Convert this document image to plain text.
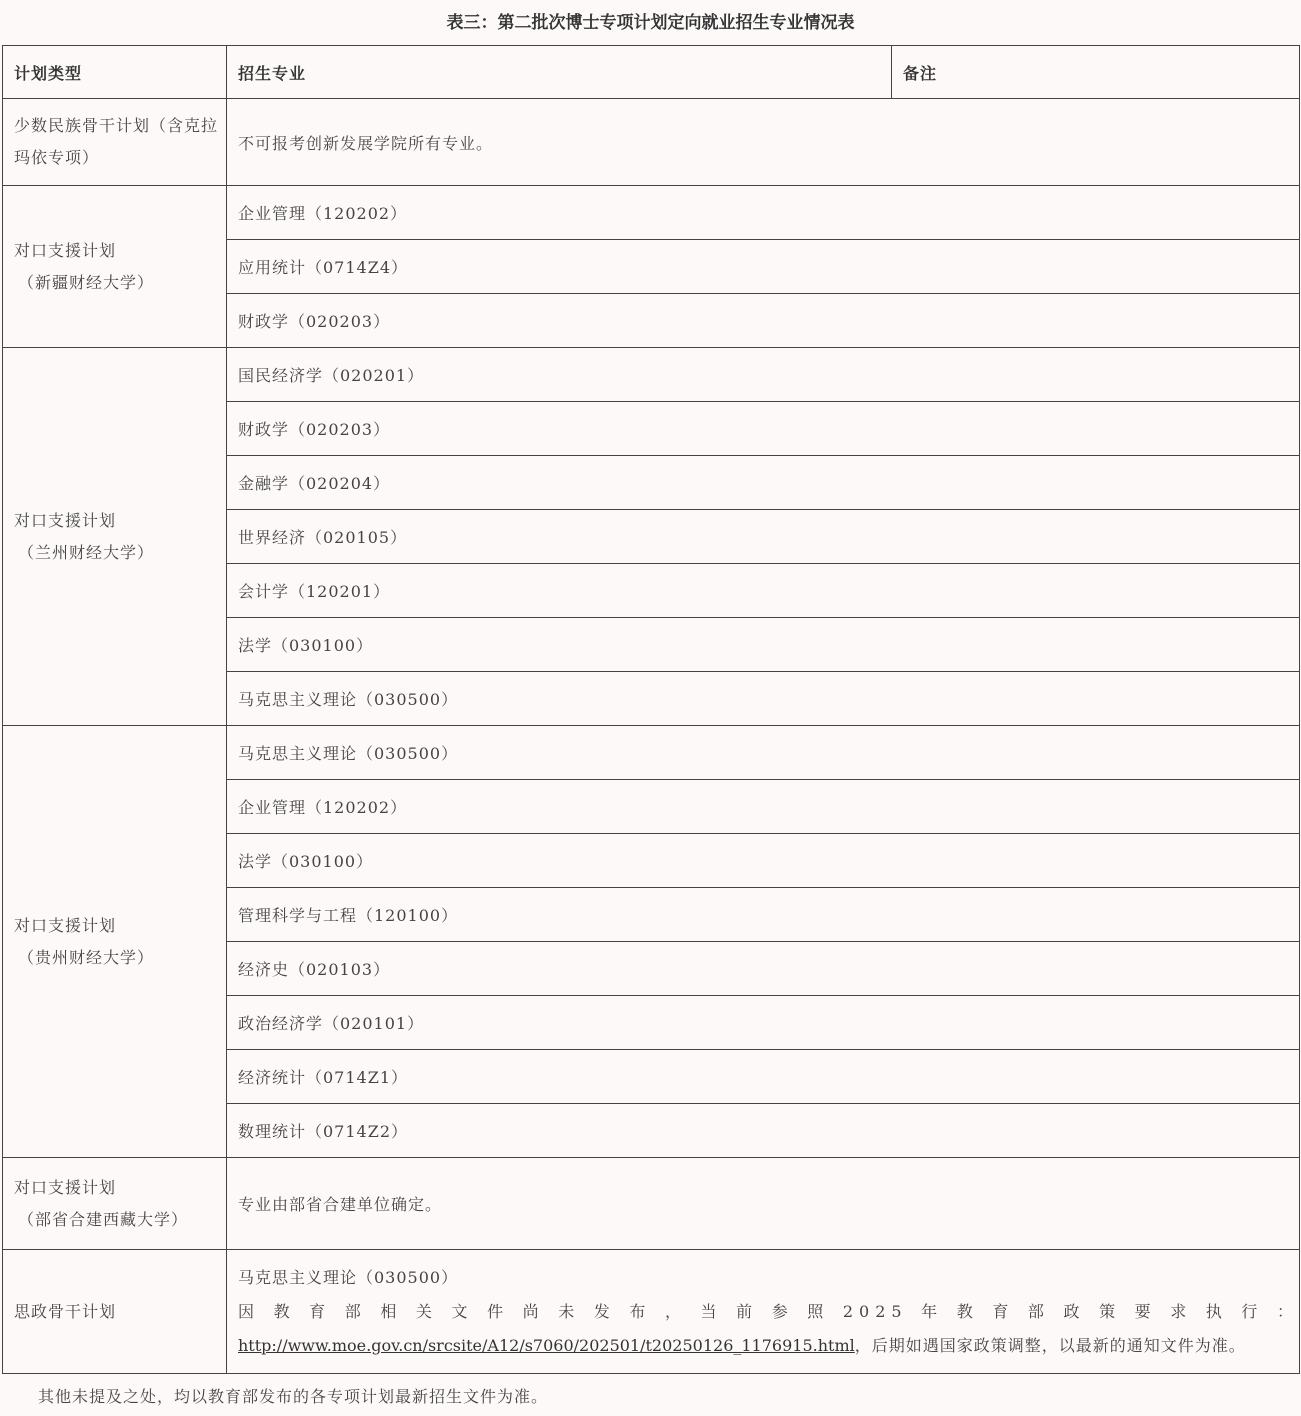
表三：第二批次博士专项计划定向就业招生专业情况表
计划类型	招生专业	备注
少数民族骨干计划（含克拉玛依专项）	不可报考创新发展学院所有专业。	
对口支援计划
（新疆财经大学）	企业管理（120202）	
	应用统计（0714Z4）	
	财政学（020203）	
对口支援计划
（兰州财经大学）	国民经济学（020201）	
	财政学（020203）	
	金融学（020204）	
	世界经济（020105）	
	会计学（120201）	
	法学（030100）	
	马克思主义理论（030500）	
对口支援计划
（贵州财经大学）	马克思主义理论（030500）	
	企业管理（120202）	
	法学（030100）	
	管理科学与工程（120100）	
	经济史（020103）	
	政治经济学（020101）	
	经济统计（0714Z1）	
	数理统计（0714Z2）	
对口支援计划
（部省合建西藏大学）	专业由部省合建单位确定。	
思政骨干计划	马克思主义理论（030500）
因教育部相关文件尚未发布，当前参照2025年教育部政策要求执行：
http://www.moe.gov.cn/srcsite/A12/s7060/202501/t20250126_1176915.html，后期如遇国家政策调整，以最新的通知文件为准。	
其他未提及之处，均以教育部发布的各专项计划最新招生文件为准。
